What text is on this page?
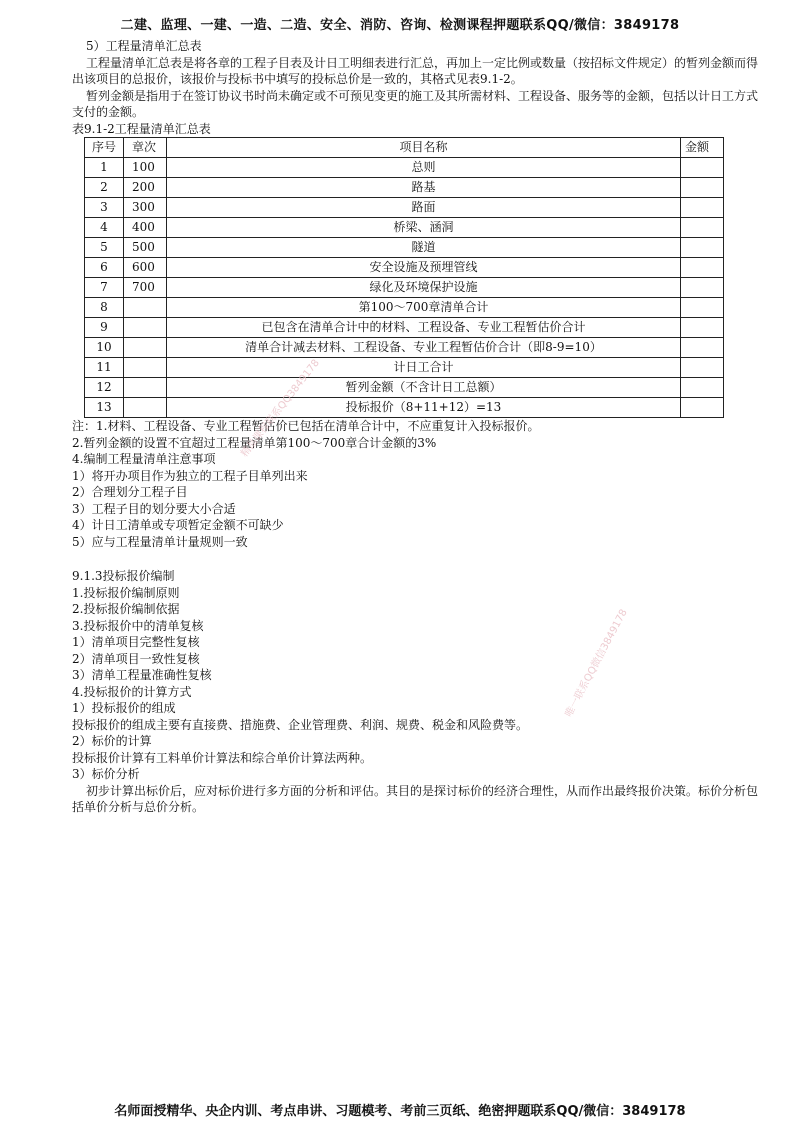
二建、监理、一建、一造、二造、安全、消防、咨询、检测课程押题联系QQ/微信：3849178

5）工程量清单汇总表

工程量清单汇总表是将各章的工程子目表及计日工明细表进行汇总，再加上一定比例或数量（按招标文件规定）的暂列金额而得出该项目的总报价，该报价与投标书中填写的投标总价是一致的，其格式见表9.1-2。

暂列金额是指用于在签订协议书时尚未确定或不可预见变更的施工及其所需材料、工程设备、服务等的金额，包括以计日工方式支付的金额。

表9.1-2工程量清单汇总表

序号	章次	项目名称	金额
1	100	总则	
2	200	路基	
3	300	路面	
4	400	桥梁、涵洞	
5	500	隧道	
6	600	安全设施及预埋管线	
7	700	绿化及环境保护设施	
8		第100～700章清单合计	
9		已包含在清单合计中的材料、工程设备、专业工程暂估价合计	
10		清单合计减去材料、工程设备、专业工程暂估价合计（即8-9=10）	
11		计日工合计	
12		暂列金额（不含计日工总额）	
13		投标报价（8+11+12）=13	

注：1.材料、工程设备、专业工程暂估价已包括在清单合计中，不应重复计入投标报价。

2.暂列金额的设置不宜超过工程量清单第100～700章合计金额的3%

4.编制工程量清单注意事项

1）将开办项目作为独立的工程子目单列出来

2）合理划分工程子目

3）工程子目的划分要大小合适

4）计日工清单或专项暂定金额不可缺少

5）应与工程量清单计量规则一致

9.1.3投标报价编制

1.投标报价编制原则

2.投标报价编制依据

3.投标报价中的清单复核

1）清单项目完整性复核

2）清单项目一致性复核

3）清单工程量准确性复核

4.投标报价的计算方式

1）投标报价的组成

投标报价的组成主要有直接费、措施费、企业管理费、利润、规费、税金和风险费等。

2）标价的计算

投标报价计算有工料单价计算法和综合单价计算法两种。

3）标价分析

初步计算出标价后，应对标价进行多方面的分析和评估。其目的是探讨标价的经济合理性，从而作出最终报价决策。标价分析包括单价分析与总价分析。

精品课程联系QQ3849178
唯一联系QQ微信3849178
名师面授精华、央企内训、考点串讲、习题模考、考前三页纸、绝密押题联系QQ/微信：3849178
